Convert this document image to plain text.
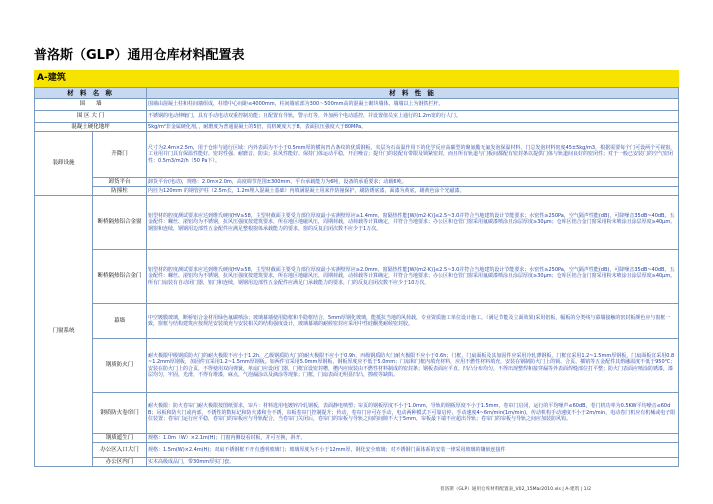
普洛斯（GLP）通用仓库材料配置表
A-建筑
材 料 名 称		材 料 性 能
围　　墙		围墙由混凝土柱和柱间墙组成，柱墩中心间距≤4000mm，柱间墙底部为300～500mm高的混凝土砌块墙体，墙墙以上为钢铁栏杆。
围 区 大 门		不锈钢的电动伸缩门，具有手动电动双重控制功能；且配置有导轨，警示灯等，外加两个电动遥控，并设置值员室上通行的1.2m宽的行人门。
混凝土硬化地坪		5kg/m²非金属硬化剂，，耐磨度为普通混凝土的5倍，真机硬度大于8，表面抗压强度大于80MPa。
装卸设施	升降门	尺寸为2.4m×2.5m，用于仓库与通行区域：内外表面为不小于0.5mm厚的横向凹凸条纹的优质钢板，夹层为石高温作用下的化学反应高碳型的聚氨酯无氟发泡保温材料，门总发泡材料密度45±5kg/m3，根据需要每个门可设两个可视窗，工业用并门具有保温性能好、密封性强、耐磨音，防虫；抗风性能好、保持门体运动平稳，开启噪音；提升门的装配有带限及锁紧密封，而且所有轨道与门板间都配有密封条以提供门体与轨道间良好的密闭性；对于一般已安装门的空气密闭性：0.5m3/m2/h（50 Pa下）。
	卸货平台	卸货平台(电动)，规格：2.0m×2.0m，高度调节范围±300mm，平台承载能力为6吨，设备的承重要求；动载6吨。
	防撞柱	内径为120mm 的钢管护柱（2.5m长，1.2m埋入混凝土基础）内填满混凝土用来作防撞保护，刷防锈底漆，面漆为黄底，刷黄色涂个光磁漆。
门窗系统	断桥隔热铝合金窗	铝型材的腔度测试要求应达到维氏硬度HV≥58，主型材截面主要受力部位厚度最小实测壁厚应≥1.4mm，窗隔热性能[W/(m2·K)]≤2.5~3.0并符合当地建筑设计节能要求；水密性≥250Pa，空气隔声性能(dB)，可降噪音35dB~40dB。五金配件：螺丝、滚铝均为不锈钢，抗风压强度按建筑要求，所在地区地磁风压，周期荷载，动荷载等计算确定，并符合当地要求；办公区和仓管门窗采用氟碳漆喷涂且涂层厚度≥30μm；仓库区铝合金门窗采用粉末喷涂且涂层厚度≥40μm。钢窗和连续，钢钢用边部性五金配件应满足整根窗体承载能力的要求，窗的反复启闭次数不应少于1万次。
	断桥隔热铝合金门	铝型材的腔度测试要求应达到维氏硬度HV≥58，主型材截面主要受力部位厚度最小实测壁厚应≥2.0mm，窗隔热性能[W/(m2·K)]≤2.5~3.0并符合当地建筑设计节能要求；水密性≥250Pa，空气隔声性能(dB)，可降噪音35dB~40dB。五金配件：螺丝、滚铝均为不锈钢，抗风压强度按建筑要求，所在地区地磁风压，周期荷载，动荷载等计算确定，并符合当地要求；办公区和仓管门窗采用氟碳漆喷涂且涂层厚度≥30μm；仓库区铝合金门窗采用粉末喷涂且涂层厚度≥40μm。所有门扇装有自动闭门器，铝门和连续，钢钢用边部性五金配件应满足门承载能力的要求，门的反复启闭次数不应少于10万次。
	幕墙	中空镀膜玻璃，断桥铝合金材用绿色氟碳喷涂；玻璃幕墙使用隐框和半隐框结合，5mm厚钢化玻璃，能抵抗当地的风荷载，专业资质施工单位设计施工。（满足节能及立面效果)采用铝板，幅板的分类线与幕墙接触的密封板颜色应与窗框一致，窗框与结构建筑应按规范安装填充与安装相关的结构强度设计，玻璃幕墙的耐候密封应采用中性硅酮类耐候密封胶。
	钢质防火门	耐火极限甲级钢质防火门的耐火极限不应小于1.2h，乙级钢质防火门的耐火极限不应小于0.9h，丙级钢质防火门耐火极限不应小于0.6h；门框，门扇面板及其加固件应采用冷轧薄钢板，门框宜采用1.2~1.5mm厚钢板，门扇面板宜采用0.8~1.2mm厚钢板，加固件宜采用1.2~1.5mm厚钢板。如两件宜采用5.0mm厚钢板，钢板厚度应不低于5.0mm；门扇和门框内填充材料，应用不燃性材料填充，安装在钢制防火门上的锁、合页、插销等五金配件其熔融温度不低于950℃；安装在防火门上的合页，不得使用双向弹簧，单扇门应设闭门器，门框宜设密封槽，槽内应嵌装由不燃性材料制成的密封条；钢板表面应平直，凹凸分布均匀，不得出现整焊和接穿漏等外表面焊缝部位打平整；防火门表面应喷涂防锈漆，漆层均匀，牢固，光滑，不得有堆漆，麻点，气泡漏涂以及滴涂等现象；门框，门扇表面无明显凹凸，擦痕等缺陷。
	钢质防火卷帘门	耐火极限：防火卷帘门耐火极限按图纸要求，帘片：材料选用电镀锌冷轧钢板，表面静电喷塑；帘页的钢板厚度不小于1.0mm，导轨的钢板厚度不小于1.5mm，卷帘门启闭，运行的平均噪声≤60dB，卷门机功率为0.5KW平均噪音≤60dB；吊板和防火门或内部，不锈性的数标记和防火漆和全不锈，帘板卷帘门控制提升；传动，卷帘门应可在手动，电动两种模式下可靠启停，手动速度4~6m/min(1m/min)，传动机构手动速度不小于2m/min，电动卷门机应有机械或电子限位装置；卷帘门运行应平稳，卷帘门的帘板应与导轨配合，当卷帘门关闭后，卷帘门的帘板与导轨之间的间隙不大于5mm，帘板最下端不应超出导轨；卷帘门的帘板与导轨之间应加装防风钩。
	钢质遮生门	规格：1.0m（W）×2.1m(H)；门窗内侧设看封板，并可互换，斜开。
	办公区入口大门	规格：1.5m(W)×2.4m(H)；双扇不锈钢框不开有透明玻璃门；玻璃厚度为不小于12mm厚，钢化安全玻璃；对不锈钢门面体系的安装一律采用玻璃的镶嵌连接件
	办公区内门	实木高级成品门，带30mm厚实门套。
普洛斯（GLP）通用仓库材料配置表_V02_15Mar2010.xls | A-建筑 | 1/2
